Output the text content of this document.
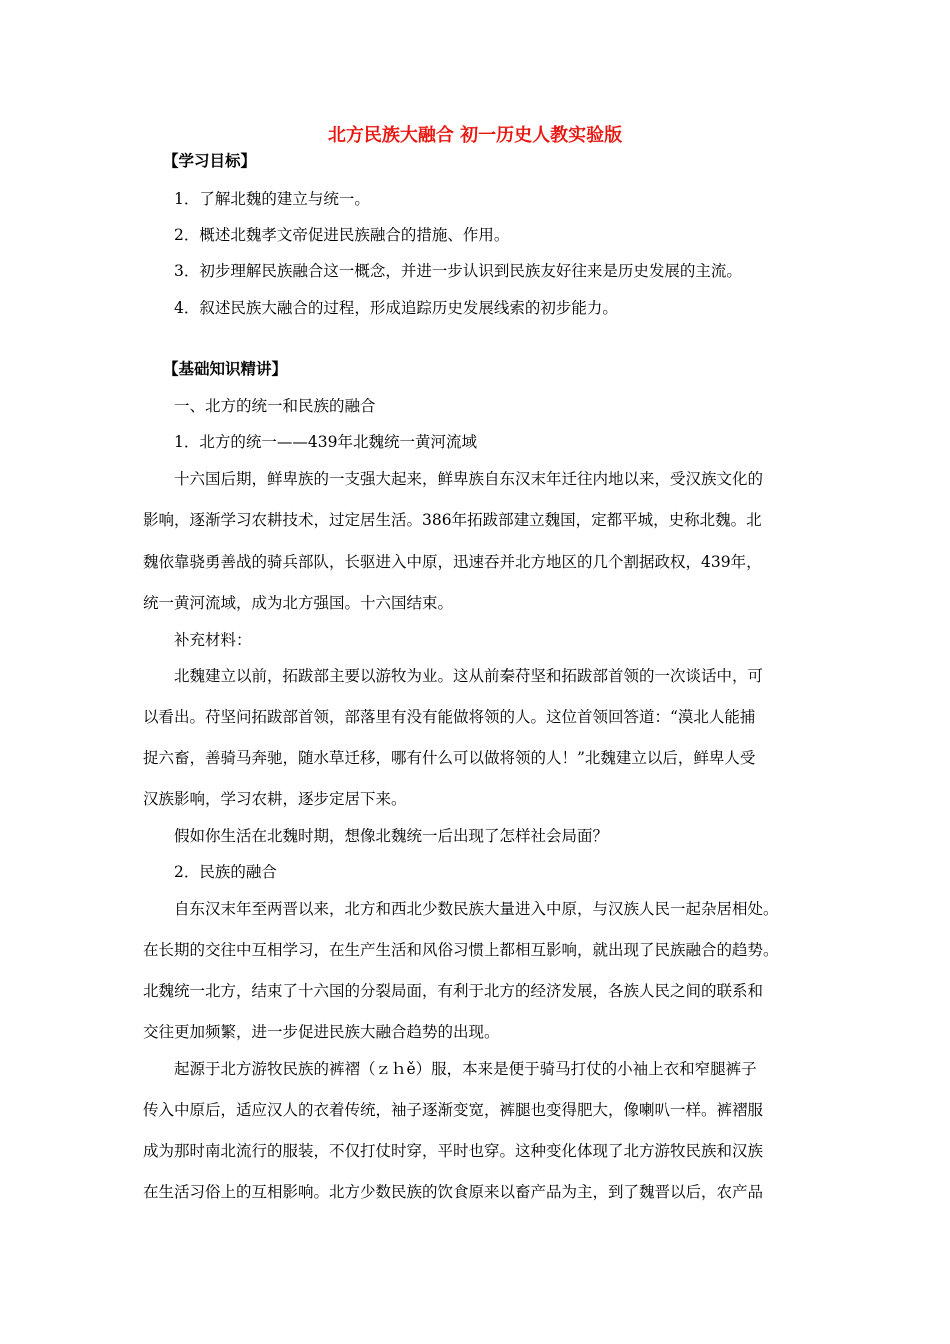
北方民族大融合 初一历史人教实验版
【学习目标】
1．了解北魏的建立与统一。
2．概述北魏孝文帝促进民族融合的措施、作用。
3．初步理解民族融合这一概念，并进一步认识到民族友好往来是历史发展的主流。
4．叙述民族大融合的过程，形成追踪历史发展线索的初步能力。
【基础知识精讲】
一、北方的统一和民族的融合
1．北方的统一——439年北魏统一黄河流域
十六国后期，鲜卑族的一支强大起来，鲜卑族自东汉末年迁往内地以来，受汉族文化的
影响，逐渐学习农耕技术，过定居生活。386年拓跋部建立魏国，定都平城，史称北魏。北
魏依靠骁勇善战的骑兵部队，长驱进入中原，迅速吞并北方地区的几个割据政权，439年，
统一黄河流域，成为北方强国。十六国结束。
补充材料：
北魏建立以前，拓跋部主要以游牧为业。这从前秦苻坚和拓跋部首领的一次谈话中，可
以看出。苻坚问拓跋部首领，部落里有没有能做将领的人。这位首领回答道：“漠北人能捕
捉六畜，善骑马奔驰，随水草迁移，哪有什么可以做将领的人！”北魏建立以后，鲜卑人受
汉族影响，学习农耕，逐步定居下来。
假如你生活在北魏时期，想像北魏统一后出现了怎样社会局面？
2．民族的融合
自东汉末年至两晋以来，北方和西北少数民族大量进入中原，与汉族人民一起杂居相处。
在长期的交往中互相学习，在生产生活和风俗习惯上都相互影响，就出现了民族融合的趋势。
北魏统一北方，结束了十六国的分裂局面，有利于北方的经济发展，各族人民之间的联系和
交往更加频繁，进一步促进民族大融合趋势的出现。
起源于北方游牧民族的裤褶（ｚｈě）服，本来是便于骑马打仗的小袖上衣和窄腿裤子
传入中原后，适应汉人的衣着传统，袖子逐渐变宽，裤腿也变得肥大，像喇叭一样。裤褶服
成为那时南北流行的服装，不仅打仗时穿，平时也穿。这种变化体现了北方游牧民族和汉族
在生活习俗上的互相影响。北方少数民族的饮食原来以畜产品为主，到了魏晋以后，农产品
